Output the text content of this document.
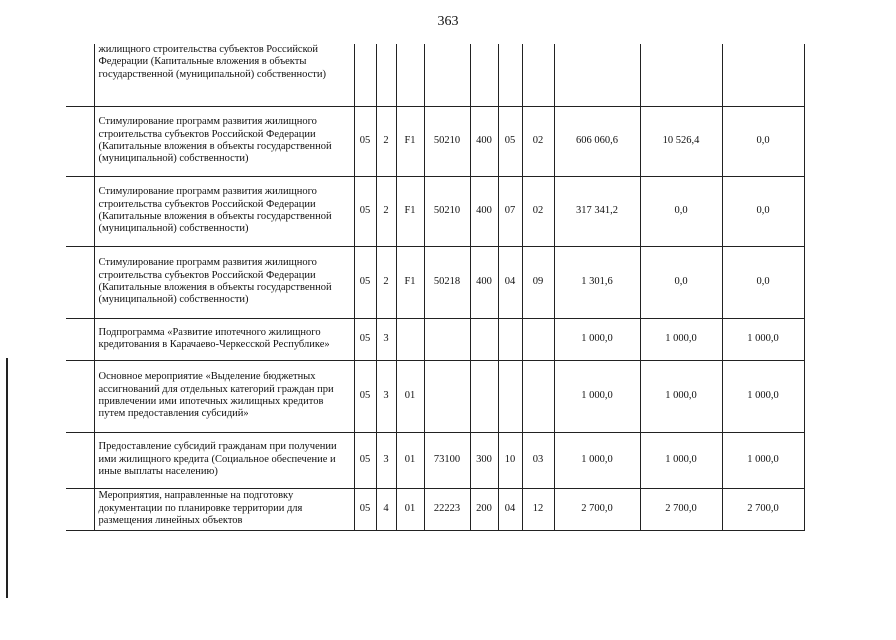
363
	жилищного строительства субъектов Российской Федерации (Капитальные вложения в объекты государственной (муниципальной) собственности)										
	Стимулирование программ развития жилищного строительства субъектов Российской Федерации (Капитальные вложения в объекты государственной (муниципальной) собственности)	05	2	F1	50210	400	05	02	606 060,6	10 526,4	0,0
	Стимулирование программ развития жилищного строительства субъектов Российской Федерации (Капитальные вложения в объекты государственной (муниципальной) собственности)	05	2	F1	50210	400	07	02	317 341,2	0,0	0,0
	Стимулирование программ развития жилищного строительства субъектов Российской Федерации (Капитальные вложения в объекты государственной (муниципальной) собственности)	05	2	F1	50218	400	04	09	1 301,6	0,0	0,0
	Подпрограмма «Развитие ипотечного жилищного кредитования в Карачаево-Черкесской Республике»	05	3						1 000,0	1 000,0	1 000,0
	Основное мероприятие «Выделение бюджетных ассигнований для отдельных категорий граждан при привлечении ими ипотечных жилищных кредитов путем предоставления субсидий»	05	3	01					1 000,0	1 000,0	1 000,0
	Предоставление субсидий гражданам при получении ими жилищного кредита (Социальное обеспечение и иные выплаты населению)	05	3	01	73100	300	10	03	1 000,0	1 000,0	1 000,0
	Мероприятия, направленные на подготовку документации по планировке территории для размещения линейных объектов	05	4	01	22223	200	04	12	2 700,0	2 700,0	2 700,0
